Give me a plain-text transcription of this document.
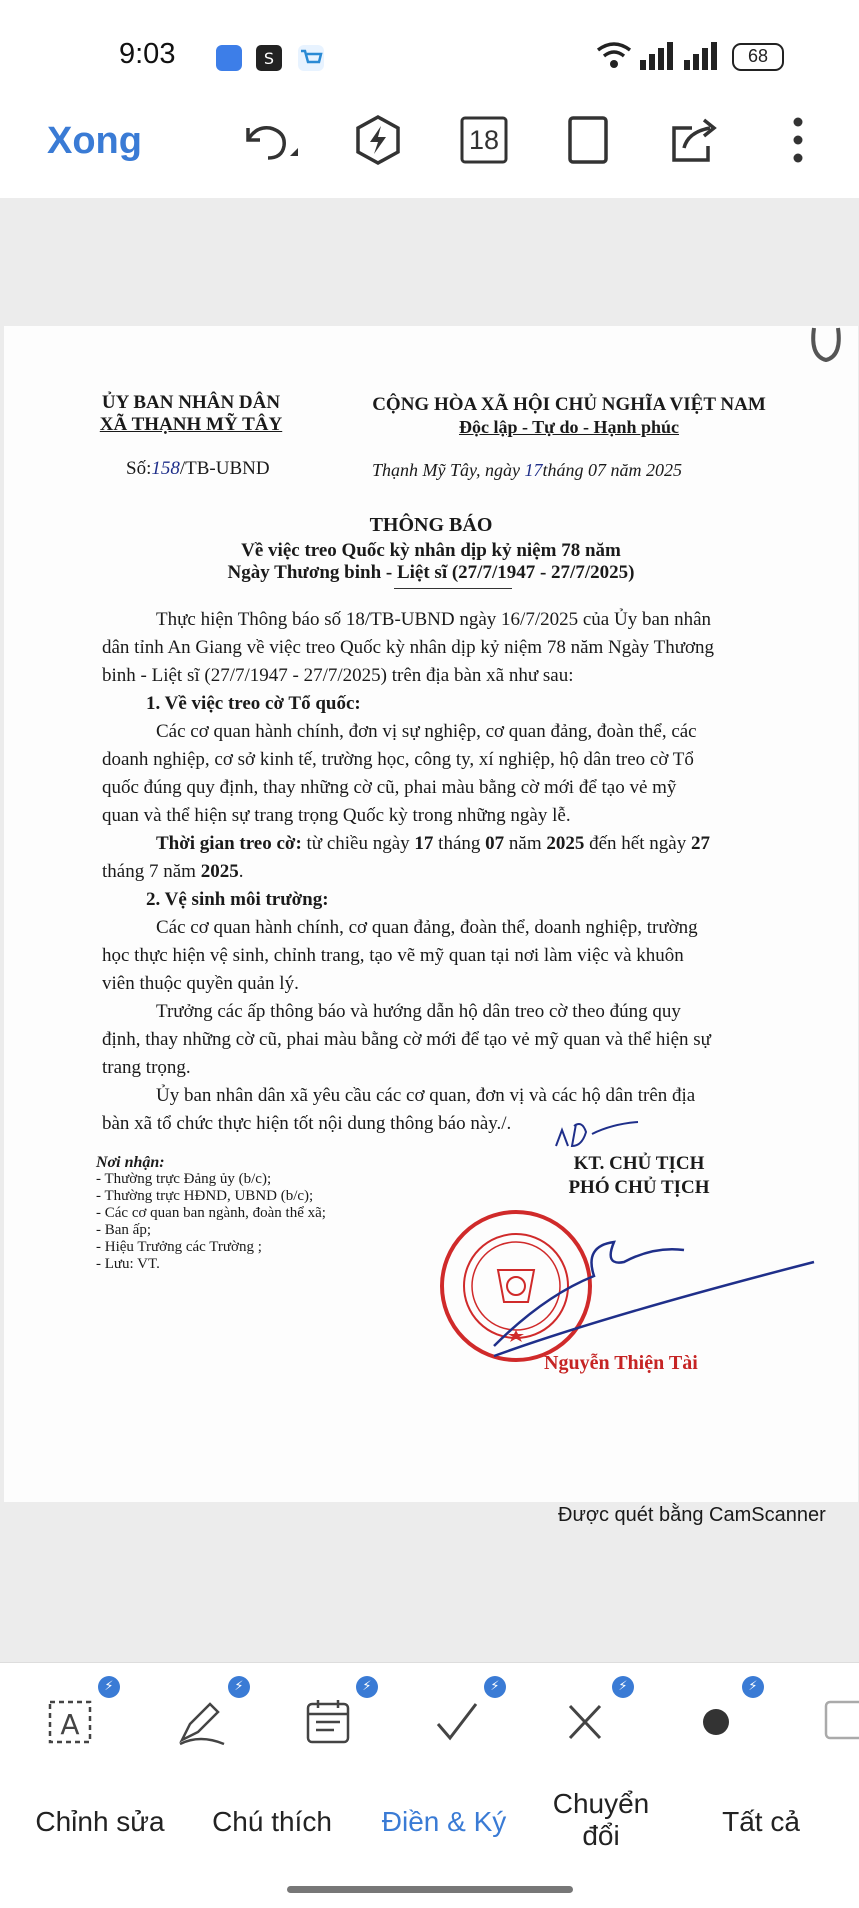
9:03	S	68
Xong	18
ỦY BAN NHÂN DÂN
XÃ THẠNH MỸ TÂY
CỘNG HÒA XÃ HỘI CHỦ NGHĨA VIỆT NAM
Độc lập - Tự do - Hạnh phúc
Số:158/TB-UBND	Thạnh Mỹ Tây, ngày 17tháng 07 năm 2025
THÔNG BÁO
Về việc treo Quốc kỳ nhân dịp kỷ niệm 78 năm
Ngày Thương binh - Liệt sĩ (27/7/1947 - 27/7/2025)
Thực hiện Thông báo số 18/TB-UBND ngày 16/7/2025 của Ủy ban nhân
dân tỉnh An Giang về việc treo Quốc kỳ nhân dịp kỷ niệm 78 năm Ngày Thương
binh - Liệt sĩ (27/7/1947 - 27/7/2025) trên địa bàn xã như sau:
1. Về việc treo cờ Tổ quốc:
Các cơ quan hành chính, đơn vị sự nghiệp, cơ quan đảng, đoàn thể, các
doanh nghiệp, cơ sở kinh tế, trường học, công ty, xí nghiệp, hộ dân treo cờ Tổ
quốc đúng quy định, thay những cờ cũ, phai màu bằng cờ mới để tạo vẻ mỹ
quan và thể hiện sự trang trọng Quốc kỳ trong những ngày lễ.
Thời gian treo cờ: từ chiều ngày 17 tháng 07 năm 2025 đến hết ngày 27
tháng 7 năm 2025.
2. Vệ sinh môi trường:
Các cơ quan hành chính, cơ quan đảng, đoàn thể, doanh nghiệp, trường
học thực hiện vệ sinh, chỉnh trang, tạo vẽ mỹ quan tại nơi làm việc và khuôn
viên thuộc quyền quản lý.
Trưởng các ấp thông báo và hướng dẫn hộ dân treo cờ theo đúng quy
định, thay những cờ cũ, phai màu bằng cờ mới để tạo vẻ mỹ quan và thể hiện sự
trang trọng.
Ủy ban nhân dân xã yêu cầu các cơ quan, đơn vị và các hộ dân trên địa
bàn xã tổ chức thực hiện tốt nội dung thông báo này./.
Nơi nhận:
- Thường trực Đảng ủy (b/c);
- Thường trực HĐND, UBND (b/c);
- Các cơ quan ban ngành, đoàn thể xã;
- Ban ấp;
- Hiệu Trưởng các Trường ;
- Lưu: VT.
KT. CHỦ TỊCH
PHÓ CHỦ TỊCH
Nguyễn Thiện Tài
Được quét bằng CamScanner
A
⚡	⚡	⚡	⚡	⚡	⚡
Chỉnh sửa	Chú thích	Điền & Ký
Chuyển
đổi	Tất cả
